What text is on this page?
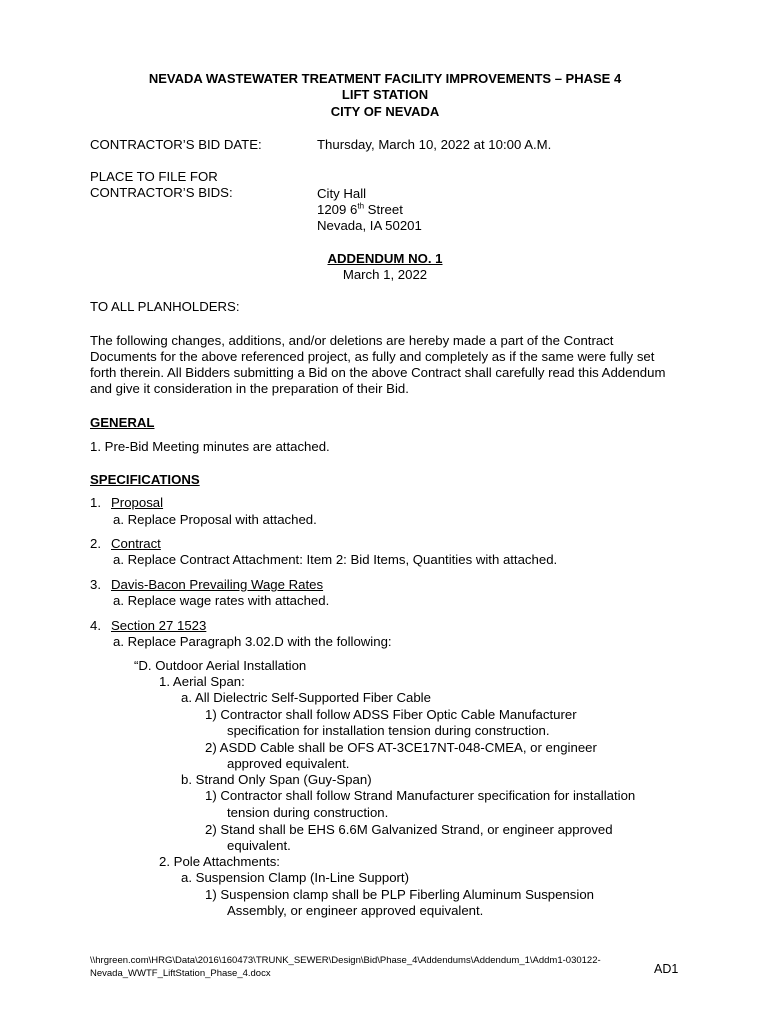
NEVADA WASTEWATER TREATMENT FACILITY IMPROVEMENTS – PHASE 4
LIFT STATION
CITY OF NEVADA
CONTRACTOR’S BID DATE:	Thursday, March 10, 2022 at 10:00 A.M.
PLACE TO FILE FOR
CONTRACTOR’S BIDS:	City Hall
1209 6th Street
Nevada, IA 50201
ADDENDUM NO. 1
March 1, 2022
TO ALL PLANHOLDERS:
The following changes, additions, and/or deletions are hereby made a part of the Contract Documents for the above referenced project, as fully and completely as if the same were fully set forth therein. All Bidders submitting a Bid on the above Contract shall carefully read this Addendum and give it consideration in the preparation of their Bid.
GENERAL
1. Pre-Bid Meeting minutes are attached.
SPECIFICATIONS
1. Proposal
a. Replace Proposal with attached.
2. Contract
a. Replace Contract Attachment: Item 2: Bid Items, Quantities with attached.
3. Davis-Bacon Prevailing Wage Rates
a. Replace wage rates with attached.
4. Section 27 1523
a. Replace Paragraph 3.02.D with the following:
“D. Outdoor Aerial Installation
1. Aerial Span:
a. All Dielectric Self-Supported Fiber Cable
1) Contractor shall follow ADSS Fiber Optic Cable Manufacturer
specification for installation tension during construction.
2) ASDD Cable shall be OFS AT-3CE17NT-048-CMEA, or engineer
approved equivalent.
b. Strand Only Span (Guy-Span)
1) Contractor shall follow Strand Manufacturer specification for installation
tension during construction.
2) Stand shall be EHS 6.6M Galvanized Strand, or engineer approved
equivalent.
2. Pole Attachments:
a. Suspension Clamp (In-Line Support)
1) Suspension clamp shall be PLP Fiberling Aluminum Suspension
Assembly, or engineer approved equivalent.
\\hrgreen.com\HRG\Data\2016\160473\TRUNK_SEWER\Design\Bid\Phase_4\Addendums\Addendum_1\Addm1-030122-
Nevada_WWTF_LiftStation_Phase_4.docx	AD1
